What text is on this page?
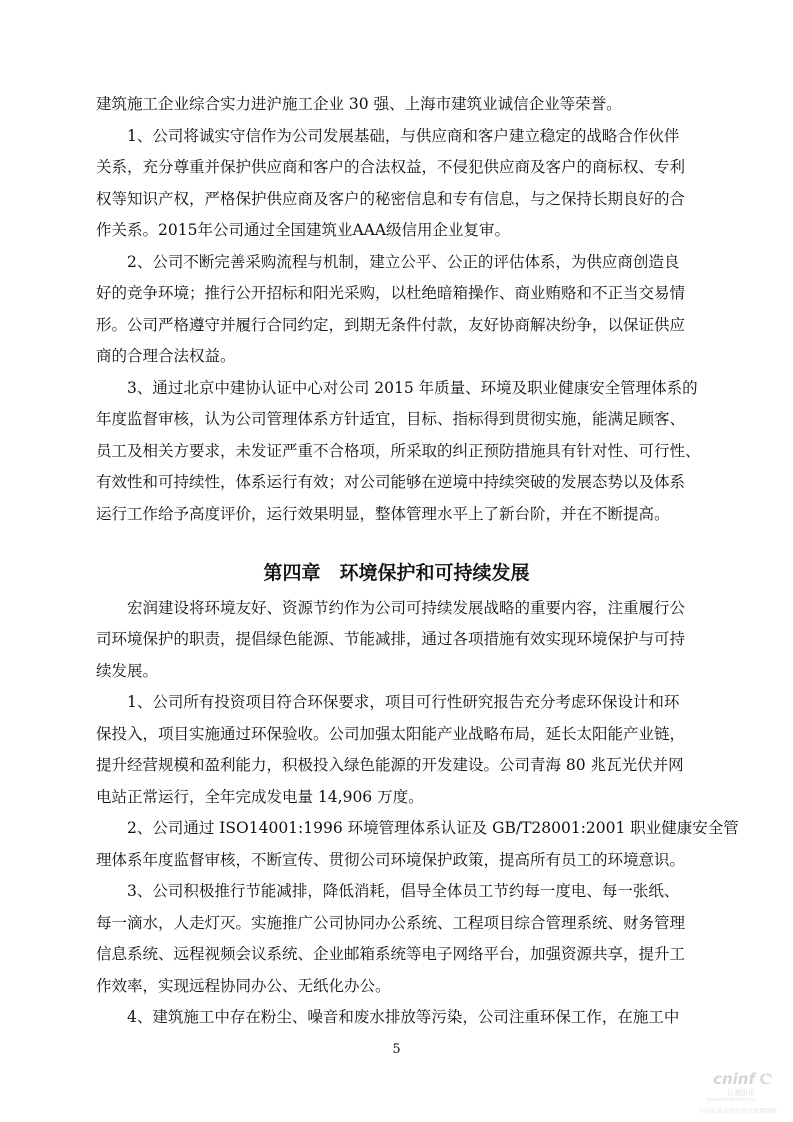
建筑施工企业综合实力进沪施工企业 30 强、上海市建筑业诚信企业等荣誉。
1、公司将诚实守信作为公司发展基础，与供应商和客户建立稳定的战略合作伙伴
关系，充分尊重并保护供应商和客户的合法权益，不侵犯供应商及客户的商标权、专利
权等知识产权，严格保护供应商及客户的秘密信息和专有信息，与之保持长期良好的合
作关系。2015年公司通过全国建筑业AAA级信用企业复审。
2、公司不断完善采购流程与机制，建立公平、公正的评估体系，为供应商创造良
好的竞争环境；推行公开招标和阳光采购，以杜绝暗箱操作、商业贿赂和不正当交易情
形。公司严格遵守并履行合同约定，到期无条件付款，友好协商解决纷争，以保证供应
商的合理合法权益。
3、通过北京中建协认证中心对公司 2015 年质量、环境及职业健康安全管理体系的
年度监督审核，认为公司管理体系方针适宜，目标、指标得到贯彻实施，能满足顾客、
员工及相关方要求，未发证严重不合格项，所采取的纠正预防措施具有针对性、可行性、
有效性和可持续性，体系运行有效；对公司能够在逆境中持续突破的发展态势以及体系
运行工作给予高度评价，运行效果明显，整体管理水平上了新台阶，并在不断提高。
第四章　环境保护和可持续发展
宏润建设将环境友好、资源节约作为公司可持续发展战略的重要内容，注重履行公
司环境保护的职责，提倡绿色能源、节能减排，通过各项措施有效实现环境保护与可持
续发展。
1、公司所有投资项目符合环保要求，项目可行性研究报告充分考虑环保设计和环
保投入，项目实施通过环保验收。公司加强太阳能产业战略布局，延长太阳能产业链，
提升经营规模和盈利能力，积极投入绿色能源的开发建设。公司青海 80 兆瓦光伏并网
电站正常运行，全年完成发电量 14,906 万度。
2、公司通过 ISO14001:1996 环境管理体系认证及 GB/T28001:2001 职业健康安全管
理体系年度监督审核，不断宣传、贯彻公司环境保护政策，提高所有员工的环境意识。
3、公司积极推行节能减排，降低消耗，倡导全体员工节约每一度电、每一张纸、
每一滴水，人走灯灭。实施推广公司协同办公系统、工程项目综合管理系统、财务管理
信息系统、远程视频会议系统、企业邮箱系统等电子网络平台，加强资源共享，提升工
作效率，实现远程协同办公、无纸化办公。
4、建筑施工中存在粉尘、噪音和废水排放等污染，公司注重环保工作，在施工中
5
cninf
巨潮资讯
www.cninfo.com.cn
中国证监会指定信息披露网站
